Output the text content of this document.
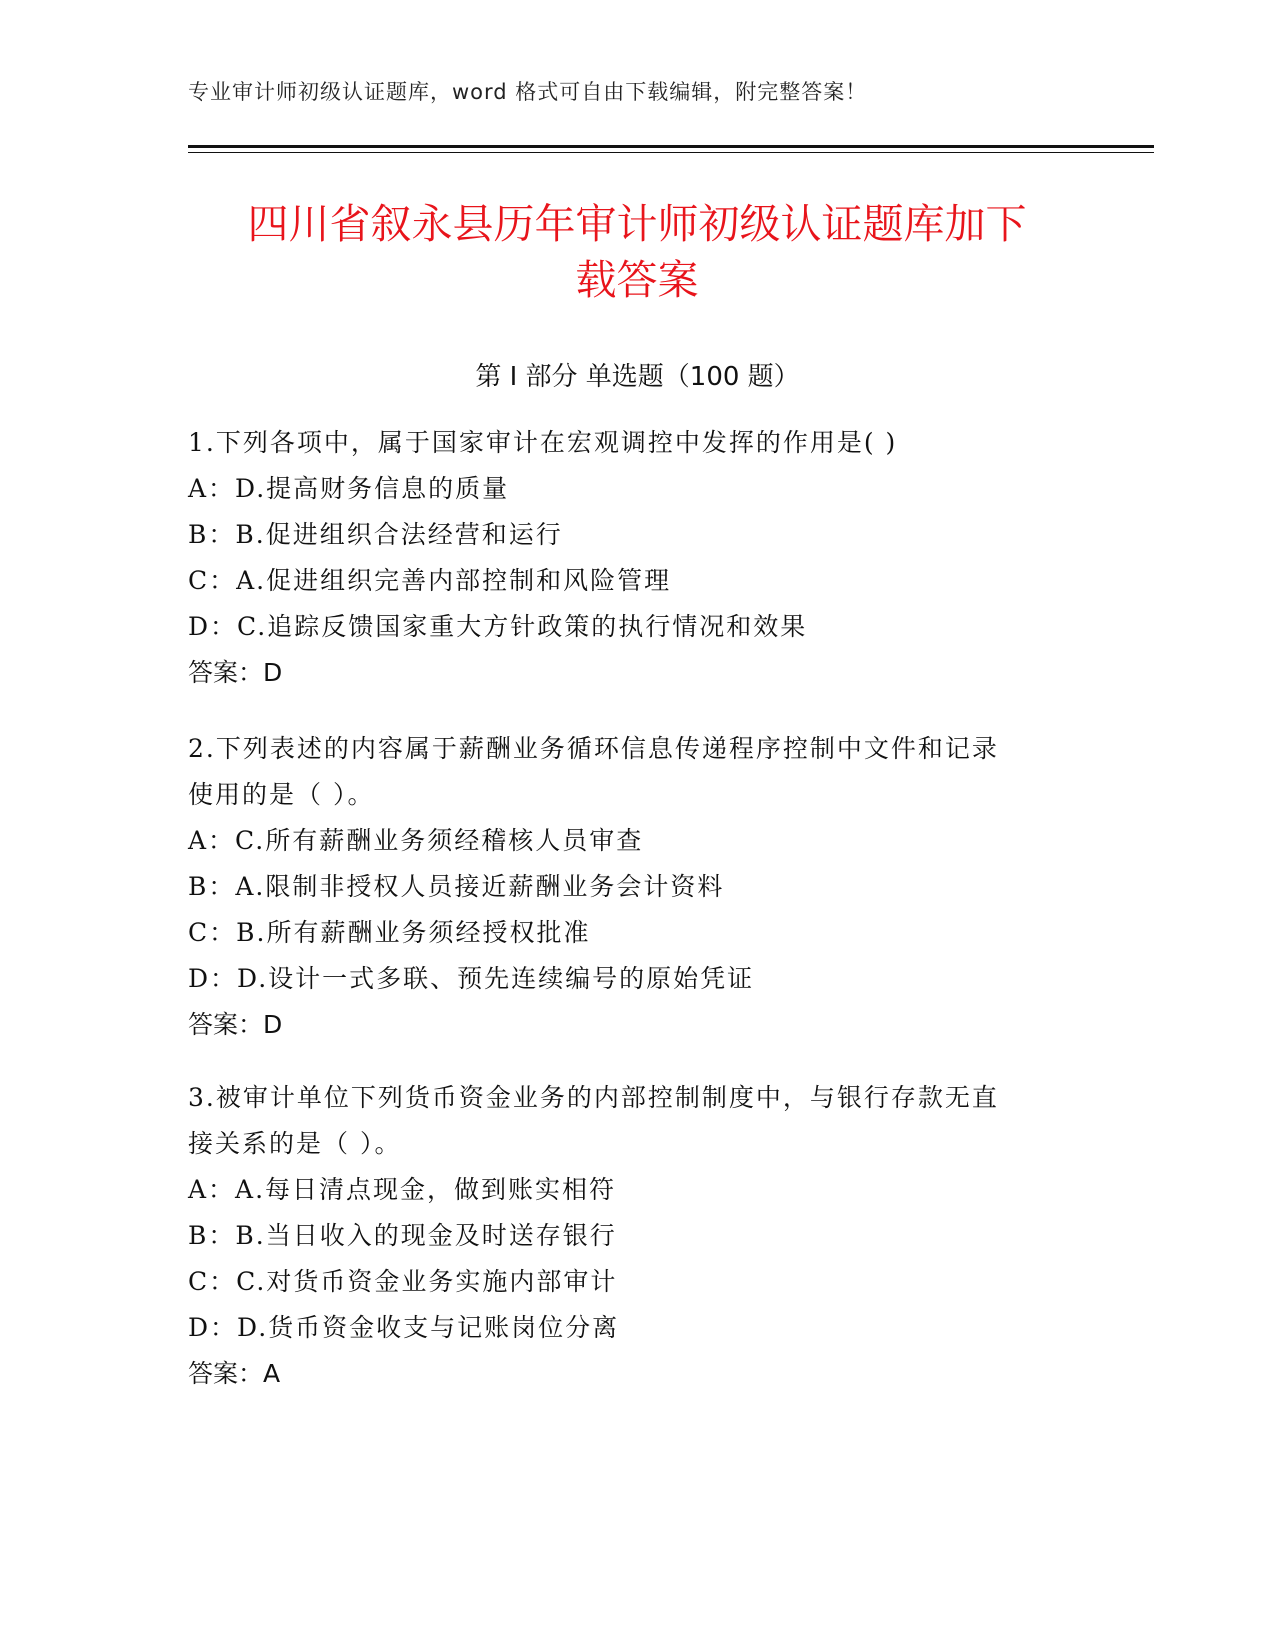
专业审计师初级认证题库，word 格式可自由下载编辑，附完整答案！
四川省叙永县历年审计师初级认证题库加下
载答案
第 I 部分 单选题（100 题）
1.下列各项中，属于国家审计在宏观调控中发挥的作用是( )
A：D.提高财务信息的质量
B：B.促进组织合法经营和运行
C：A.促进组织完善内部控制和风险管理
D：C.追踪反馈国家重大方针政策的执行情况和效果
答案：D
2.下列表述的内容属于薪酬业务循环信息传递程序控制中文件和记录
使用的是（ ）。
A：C.所有薪酬业务须经稽核人员审查
B：A.限制非授权人员接近薪酬业务会计资料
C：B.所有薪酬业务须经授权批准
D：D.设计一式多联、预先连续编号的原始凭证
答案：D
3.被审计单位下列货币资金业务的内部控制制度中，与银行存款无直
接关系的是（ ）。
A：A.每日清点现金，做到账实相符
B：B.当日收入的现金及时送存银行
C：C.对货币资金业务实施内部审计
D：D.货币资金收支与记账岗位分离
答案：A
